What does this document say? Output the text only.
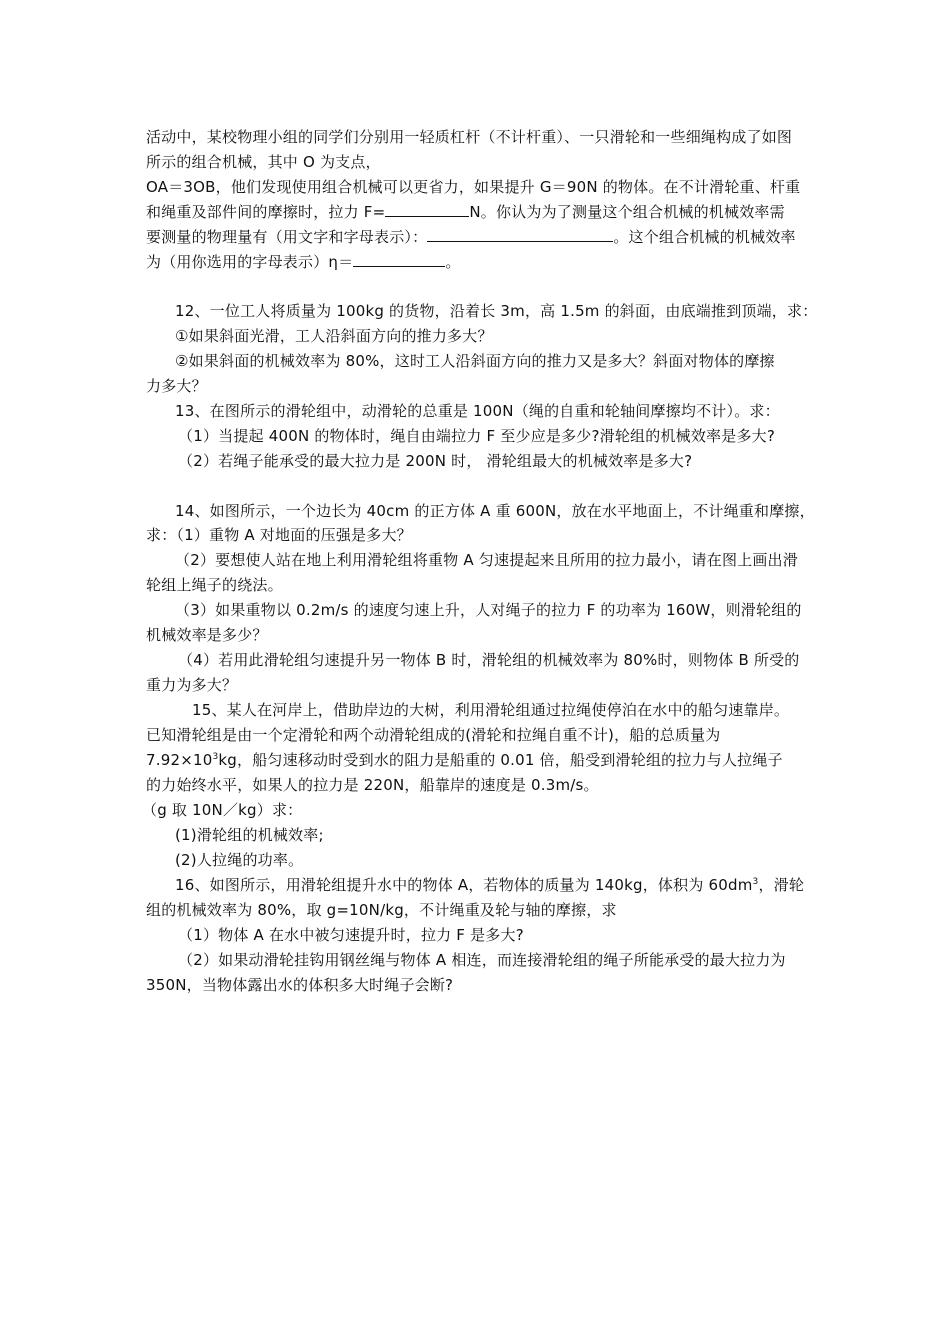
活动中，某校物理小组的同学们分别用一轻质杠杆（不计杆重）、一只滑轮和一些细绳构成了如图
所示的组合机械，其中 O 为支点，
OA＝3OB，他们发现使用组合机械可以更省力，如果提升 G＝90N 的物体。在不计滑轮重、杆重
和绳重及部件间的摩擦时，拉力 F=	N。你认为为了测量这个组合机械的机械效率需
要测量的物理量有（用文字和字母表示）：	。这个组合机械的机械效率
为（用你选用的字母表示）η＝	。
12、一位工人将质量为 100kg 的货物，沿着长 3m，高 1.5m 的斜面，由底端推到顶端，求：
①如果斜面光滑，工人沿斜面方向的推力多大？
②如果斜面的机械效率为 80%，这时工人沿斜面方向的推力又是多大？斜面对物体的摩擦
力多大？
13、在图所示的滑轮组中，动滑轮的总重是 100N（绳的自重和轮轴间摩擦均不计）。求：
（1）当提起 400N 的物体时，绳自由端拉力 F 至少应是多少?滑轮组的机械效率是多大?
（2）若绳子能承受的最大拉力是 200N 时， 滑轮组最大的机械效率是多大?
14、如图所示，一个边长为 40cm 的正方体 A 重 600N，放在水平地面上，不计绳重和摩擦，
求：（1）重物 A 对地面的压强是多大？
（2）要想使人站在地上利用滑轮组将重物 A 匀速提起来且所用的拉力最小，请在图上画出滑
轮组上绳子的绕法。
（3）如果重物以 0.2m/s 的速度匀速上升，人对绳子的拉力 F 的功率为 160W，则滑轮组的
机械效率是多少？
（4）若用此滑轮组匀速提升另一物体 B 时，滑轮组的机械效率为 80%时，则物体 B 所受的
重力为多大？
15、某人在河岸上，借助岸边的大树，利用滑轮组通过拉绳使停泊在水中的船匀速靠岸。
已知滑轮组是由一个定滑轮和两个动滑轮组成的(滑轮和拉绳自重不计)，船的总质量为
$7.92\times 10^3kg$，船匀速移动时受到水的阻力是船重的 0.01 倍，船受到滑轮组的拉力与人拉绳子
的力始终水平，如果人的拉力是 220N，船靠岸的速度是 0.3m/s。
（g 取 10N／kg）求：
(1)滑轮组的机械效率;
(2)人拉绳的功率。
16、如图所示，用滑轮组提升水中的物体 A，若物体的质量为 140kg，体积为 $60dm^3$，滑轮
组的机械效率为 80%，取 g=10N/kg，不计绳重及轮与轴的摩擦，求
（1）物体 A 在水中被匀速提升时，拉力 F 是多大?
（2）如果动滑轮挂钩用钢丝绳与物体 A 相连，而连接滑轮组的绳子所能承受的最大拉力为
350N，当物体露出水的体积多大时绳子会断?
